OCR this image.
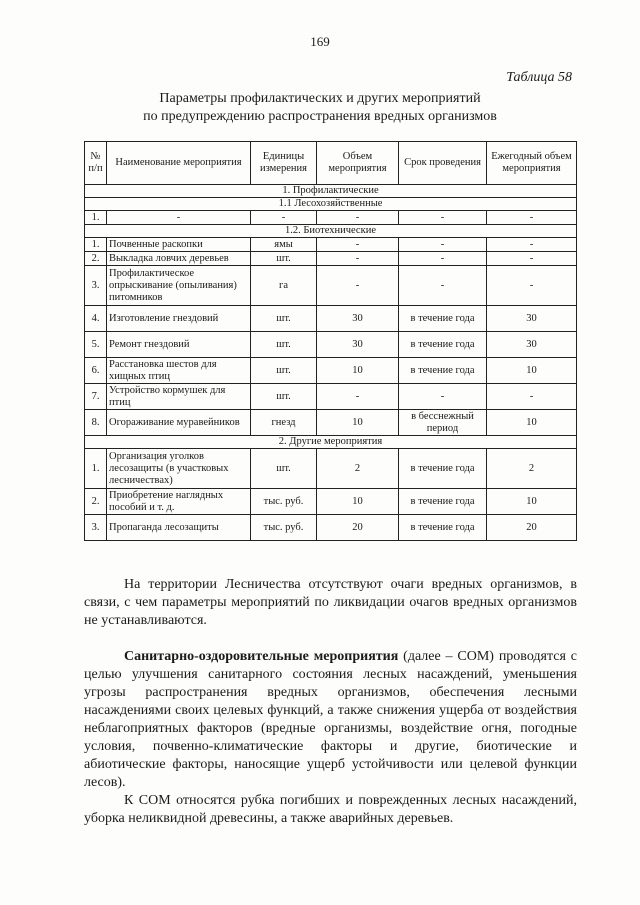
169
Таблица 58
Параметры профилактических и других мероприятий
по предупреждению распространения вредных организмов
№ п/п	Наименование мероприятия	Единицы измерения	Объем мероприятия	Срок проведения	Ежегодный объем мероприятия
1. Профилактические					
1.1 Лесохозяйственные					
1.	-	-	-	-	-
1.2. Биотехнические					
1.	Почвенные раскопки	ямы	-	-	-
2.	Выкладка ловчих деревьев	шт.	-	-	-
3.	Профилактическое опрыскивание (опыливания) питомников	га	-	-	-
4.	Изготовление гнездовий	шт.	30	в течение года	30
5.	Ремонт гнездовий	шт.	30	в течение года	30
6.	Расстановка шестов для хищных птиц	шт.	10	в течение года	10
7.	Устройство кормушек для птиц	шт.	-	-	-
8.	Огораживание муравейников	гнезд	10	в бесснежный период	10
2. Другие мероприятия					
1.	Организация уголков лесозащиты (в участковых лесничествах)	шт.	2	в течение года	2
2.	Приобретение наглядных пособий и т. д.	тыс. руб.	10	в течение года	10
3.	Пропаганда лесозащиты	тыс. руб.	20	в течение года	20

На территории Лесничества отсутствуют очаги вредных организмов, в связи, с чем параметры мероприятий по ликвидации очагов вредных организмов не устанавливаются.

Санитарно-оздоровительные мероприятия (далее – СОМ) проводятся с целью улучшения санитарного состояния лесных насаждений, уменьшения угрозы распространения вредных организмов, обеспечения лесными насаждениями своих целевых функций, а также снижения ущерба от воздействия неблагоприятных факторов (вредные организмы, воздействие огня, погодные условия, почвенно-климатические факторы и другие, биотические и абиотические факторы, наносящие ущерб устойчивости или целевой функции лесов).

К СОМ относятся рубка погибших и поврежденных лесных насаждений, уборка неликвидной древесины, а также аварийных деревьев.
